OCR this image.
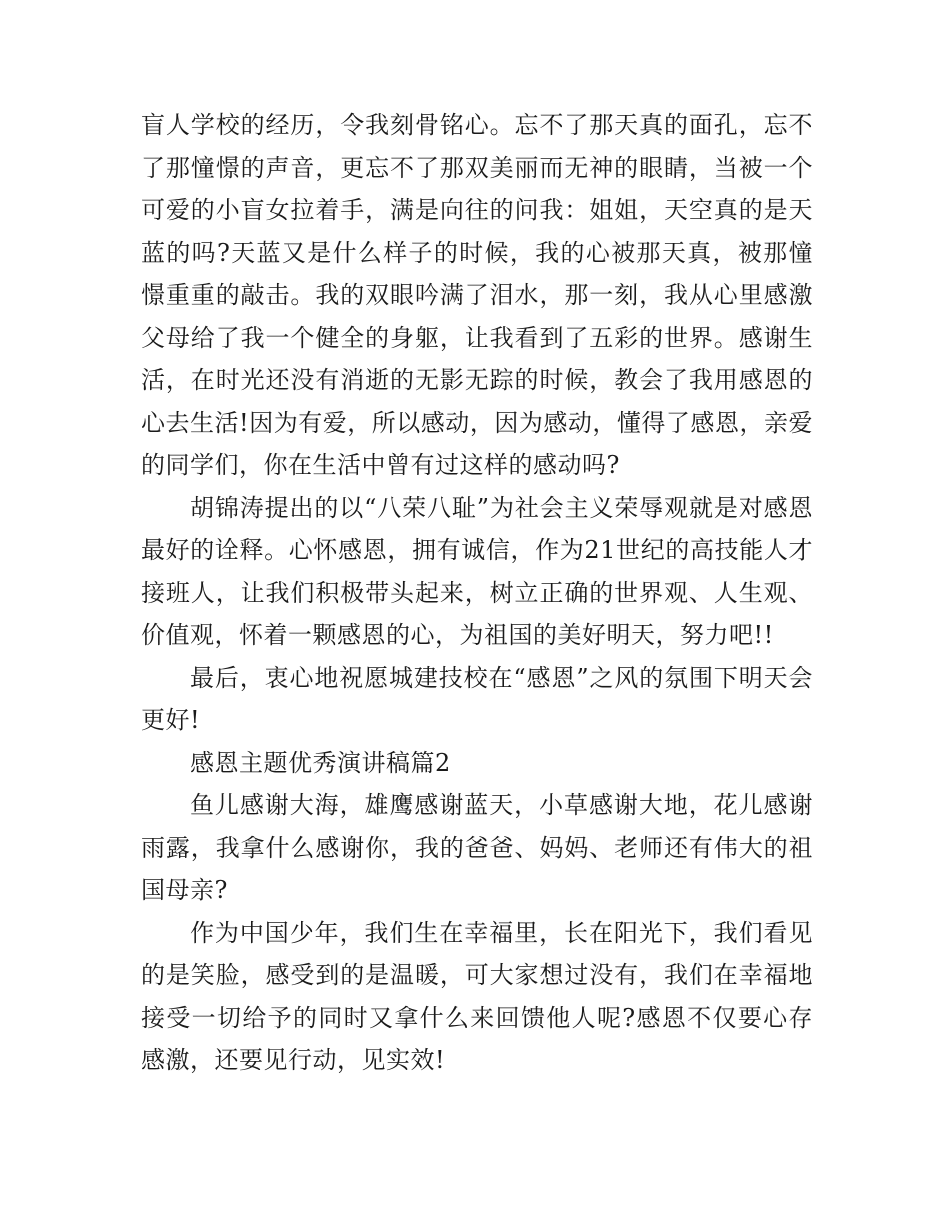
盲人学校的经历，令我刻骨铭心。忘不了那天真的面孔，忘不了那憧憬的声音，更忘不了那双美丽而无神的眼睛，当被一个可爱的小盲女拉着手，满是向往的问我：姐姐，天空真的是天蓝的吗?天蓝又是什么样子的时候，我的心被那天真，被那憧憬重重的敲击。我的双眼吟满了泪水，那一刻，我从心里感激父母给了我一个健全的身躯，让我看到了五彩的世界。感谢生活，在时光还没有消逝的无影无踪的时候，教会了我用感恩的心去生活!因为有爱，所以感动，因为感动，懂得了感恩，亲爱的同学们，你在生活中曾有过这样的感动吗?

胡锦涛提出的以“八荣八耻”为社会主义荣辱观就是对感恩最好的诠释。心怀感恩，拥有诚信，作为21世纪的高技能人才接班人，让我们积极带头起来，树立正确的世界观、人生观、价值观，怀着一颗感恩的心，为祖国的美好明天，努力吧!!

最后，衷心地祝愿城建技校在“感恩”之风的氛围下明天会更好!

感恩主题优秀演讲稿篇2

鱼儿感谢大海，雄鹰感谢蓝天，小草感谢大地，花儿感谢雨露，我拿什么感谢你，我的爸爸、妈妈、老师还有伟大的祖国母亲?

作为中国少年，我们生在幸福里，长在阳光下，我们看见的是笑脸，感受到的是温暖，可大家想过没有，我们在幸福地接受一切给予的同时又拿什么来回馈他人呢?感恩不仅要心存感激，还要见行动，见实效!
